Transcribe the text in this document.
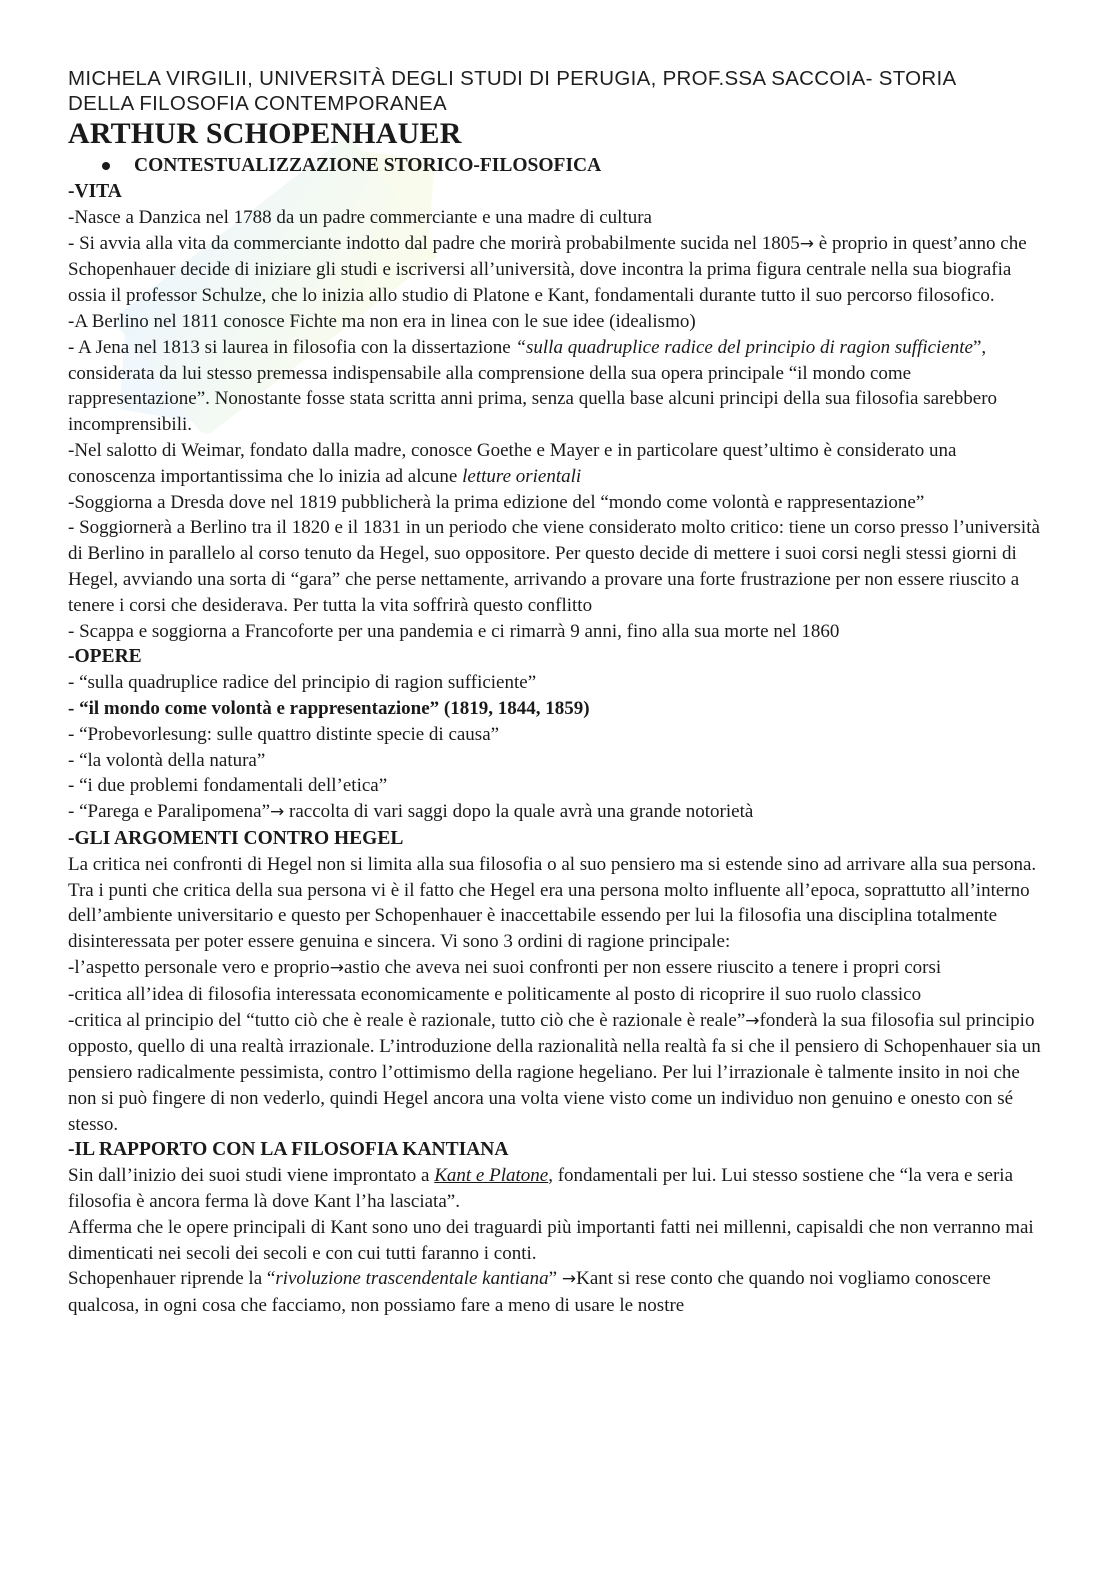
MICHELA VIRGILII, UNIVERSITÀ DEGLI STUDI DI PERUGIA, PROF.SSA SACCOIA- STORIA
DELLA FILOSOFIA CONTEMPORANEA
ARTHUR SCHOPENHAUER
CONTESTUALIZZAZIONE STORICO-FILOSOFICA
-VITA
-Nasce a Danzica nel 1788 da un padre commerciante e una madre di cultura
- Si avvia alla vita da commerciante indotto dal padre che morirà probabilmente sucida nel 1805→ è proprio in quest’anno che Schopenhauer decide di iniziare gli studi e iscriversi all’università, dove incontra la prima figura centrale nella sua biografia ossia il professor Schulze, che lo inizia allo studio di Platone e Kant, fondamentali durante tutto il suo percorso filosofico.
-A Berlino nel 1811 conosce Fichte ma non era in linea con le sue idee (idealismo)
- A Jena nel 1813 si laurea in filosofia con la dissertazione “sulla quadruplice radice del principio di ragion sufficiente”, considerata da lui stesso premessa indispensabile alla comprensione della sua opera principale “il mondo come rappresentazione”. Nonostante fosse stata scritta anni prima, senza quella base alcuni principi della sua filosofia sarebbero incomprensibili.
-Nel salotto di Weimar, fondato dalla madre, conosce Goethe e Mayer e in particolare quest’ultimo è considerato una conoscenza importantissima che lo inizia ad alcune letture orientali
-Soggiorna a Dresda dove nel 1819 pubblicherà la prima edizione del “mondo come volontà e rappresentazione”
- Soggiornerà a Berlino tra il 1820 e il 1831 in un periodo che viene considerato molto critico: tiene un corso presso l’università di Berlino in parallelo al corso tenuto da Hegel, suo oppositore. Per questo decide di mettere i suoi corsi negli stessi giorni di Hegel, avviando una sorta di “gara” che perse nettamente, arrivando a provare una forte frustrazione per non essere riuscito a tenere i corsi che desiderava. Per tutta la vita soffrirà questo conflitto
- Scappa e soggiorna a Francoforte per una pandemia e ci rimarrà 9 anni, fino alla sua morte nel 1860
-OPERE
- “sulla quadruplice radice del principio di ragion sufficiente”
- “il mondo come volontà e rappresentazione” (1819, 1844, 1859)
- “Probevorlesung: sulle quattro distinte specie di causa”
- “la volontà della natura”
- “i due problemi fondamentali dell’etica”
- “Parega e Paralipomena”→ raccolta di vari saggi dopo la quale avrà una grande notorietà
-GLI ARGOMENTI CONTRO HEGEL
La critica nei confronti di Hegel non si limita alla sua filosofia o al suo pensiero ma si estende sino ad arrivare alla sua persona. Tra i punti che critica della sua persona vi è il fatto che Hegel era una persona molto influente all’epoca, soprattutto all’interno dell’ambiente universitario e questo per Schopenhauer è inaccettabile essendo per lui la filosofia una disciplina totalmente disinteressata per poter essere genuina e sincera. Vi sono 3 ordini di ragione principale:
-l’aspetto personale vero e proprio→astio che aveva nei suoi confronti per non essere riuscito a tenere i propri corsi
-critica all’idea di filosofia interessata economicamente e politicamente al posto di ricoprire il suo ruolo classico
-critica al principio del “tutto ciò che è reale è razionale, tutto ciò che è razionale è reale”→fonderà la sua filosofia sul principio opposto, quello di una realtà irrazionale. L’introduzione della razionalità nella realtà fa si che il pensiero di Schopenhauer sia un pensiero radicalmente pessimista, contro l’ottimismo della ragione hegeliano. Per lui l’irrazionale è talmente insito in noi che non si può fingere di non vederlo, quindi Hegel ancora una volta viene visto come un individuo non genuino e onesto con sé stesso.
-IL RAPPORTO CON LA FILOSOFIA KANTIANA
Sin dall’inizio dei suoi studi viene improntato a Kant e Platone, fondamentali per lui. Lui stesso sostiene che “la vera e seria filosofia è ancora ferma là dove Kant l’ha lasciata”.
Afferma che le opere principali di Kant sono uno dei traguardi più importanti fatti nei millenni, capisaldi che non verranno mai dimenticati nei secoli dei secoli e con cui tutti faranno i conti.
Schopenhauer riprende la “rivoluzione trascendentale kantiana” →Kant si rese conto che quando noi vogliamo conoscere qualcosa, in ogni cosa che facciamo, non possiamo fare a meno di usare le nostre
